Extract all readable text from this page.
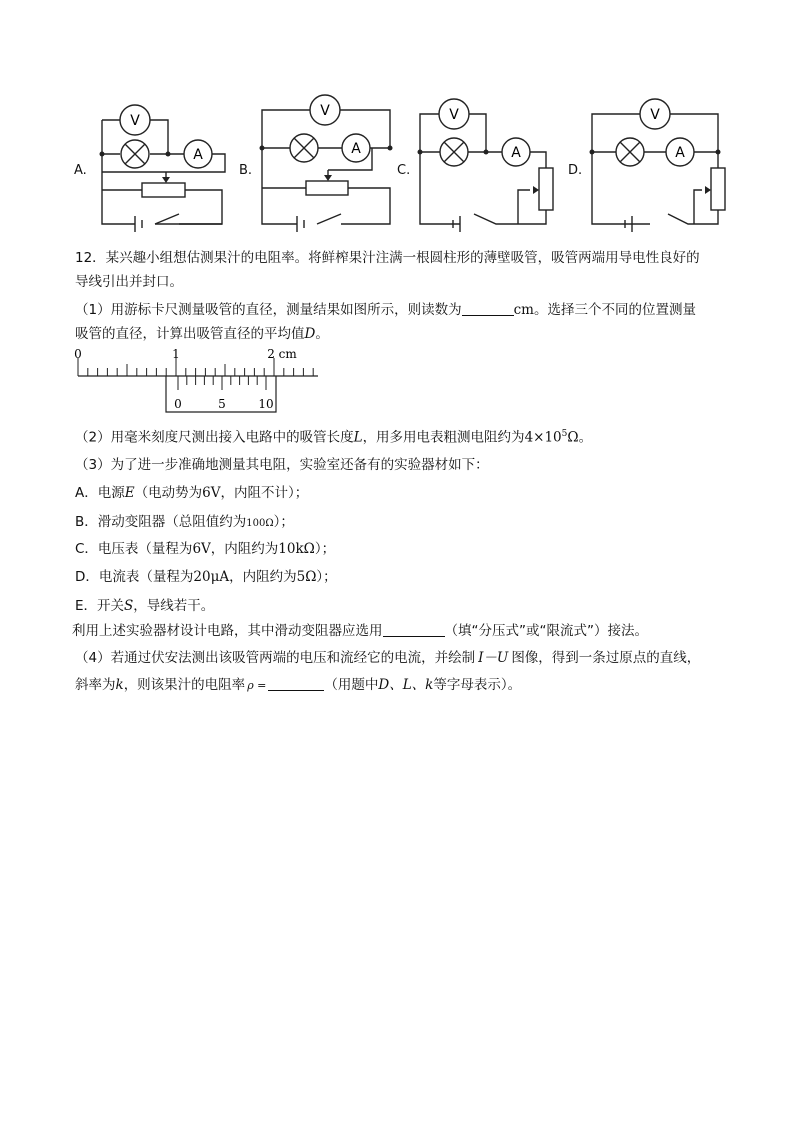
A.
V
A
B.
V
A
C.
V
A
D.
V
A
12．某兴趣小组想估测果汁的电阻率。将鲜榨果汁注满一根圆柱形的薄壁吸管，吸管两端用导电性良好的
导线引出并封口。
（1）用游标卡尺测量吸管的直径，测量结果如图所示，则读数为	cm。选择三个不同的位置测量
吸管的直径，计算出吸管直径的平均值D。
0	1	2 cm
0	5	10
（2）用毫米刻度尺测出接入电路中的吸管长度L，用多用电表粗测电阻约为$4\times 10^5\Omega$。
（3）为了进一步准确地测量其电阻，实验室还备有的实验器材如下：
A．电源E（电动势为6V，内阻不计）；
B．滑动变阻器（总阻值约为100Ω）；
C．电压表（量程为6V，内阻约为10kΩ）；
D．电流表（量程为20μA，内阻约为5Ω）；
E．开关S，导线若干。
利用上述实验器材设计电路，其中滑动变阻器应选用	（填“分压式”或“限流式”）接法。
（4）若通过伏安法测出该吸管两端的电压和流经它的电流，并绘制 I－U 图像，得到一条过原点的直线，
斜率为k，则该果汁的电阻率 ρ =	（用题中D、L、k等字母表示）。
